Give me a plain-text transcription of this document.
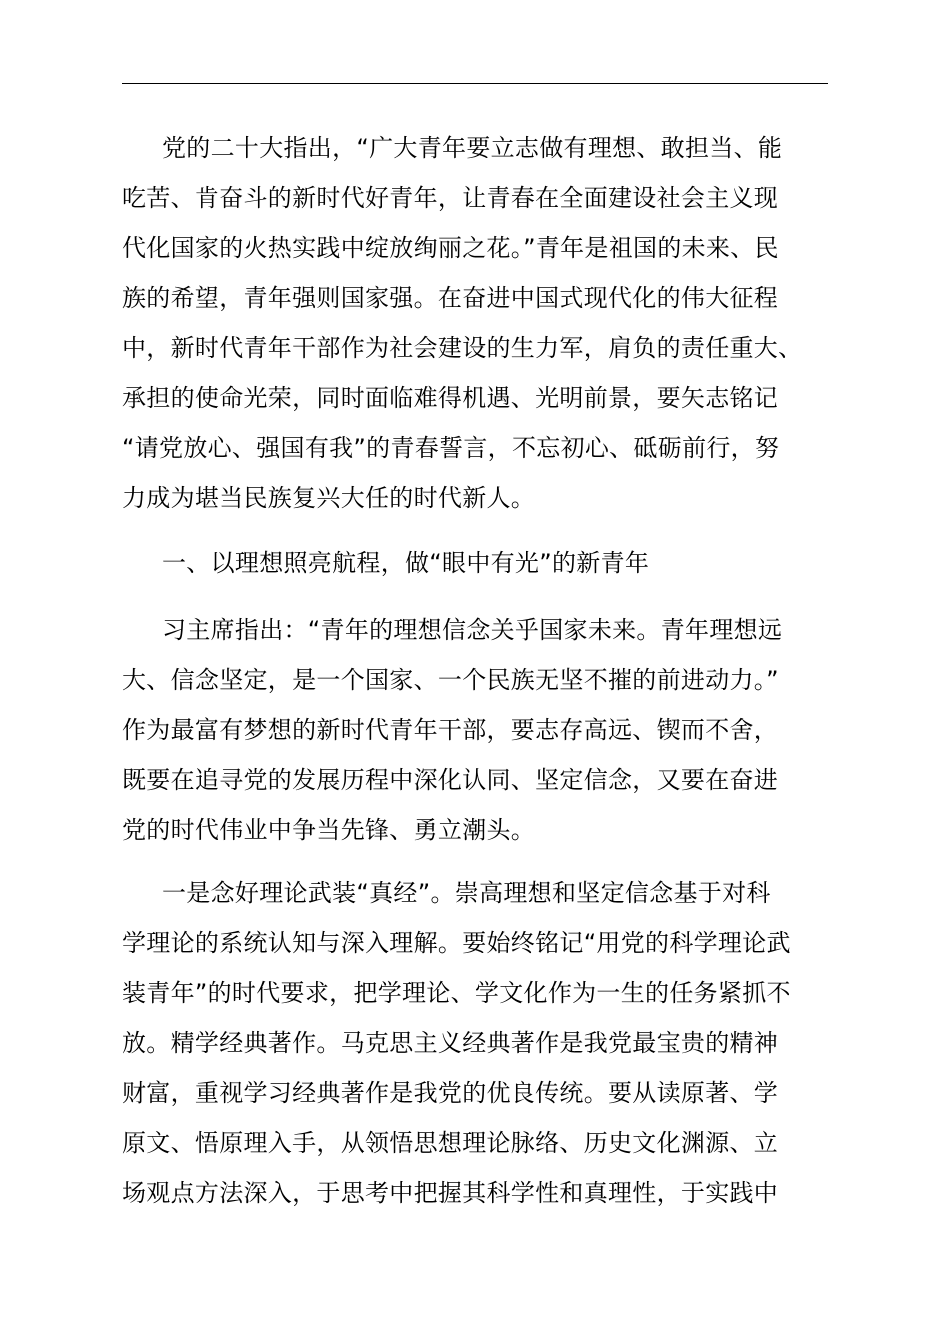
党的二十大指出，“广大青年要立志做有理想、敢担当、能
吃苦、肯奋斗的新时代好青年，让青春在全面建设社会主义现
代化国家的火热实践中绽放绚丽之花。”青年是祖国的未来、民
族的希望，青年强则国家强。在奋进中国式现代化的伟大征程
中，新时代青年干部作为社会建设的生力军，肩负的责任重大、
承担的使命光荣，同时面临难得机遇、光明前景，要矢志铭记
“请党放心、强国有我”的青春誓言，不忘初心、砥砺前行，努
力成为堪当民族复兴大任的时代新人。
一、以理想照亮航程，做“眼中有光”的新青年
习主席指出：“青年的理想信念关乎国家未来。青年理想远
大、信念坚定，是一个国家、一个民族无坚不摧的前进动力。”
作为最富有梦想的新时代青年干部，要志存高远、锲而不舍，
既要在追寻党的发展历程中深化认同、坚定信念，又要在奋进
党的时代伟业中争当先锋、勇立潮头。
一是念好理论武装“真经”。崇高理想和坚定信念基于对科
学理论的系统认知与深入理解。要始终铭记“用党的科学理论武
装青年”的时代要求，把学理论、学文化作为一生的任务紧抓不
放。精学经典著作。马克思主义经典著作是我党最宝贵的精神
财富，重视学习经典著作是我党的优良传统。要从读原著、学
原文、悟原理入手，从领悟思想理论脉络、历史文化渊源、立
场观点方法深入，于思考中把握其科学性和真理性，于实践中
